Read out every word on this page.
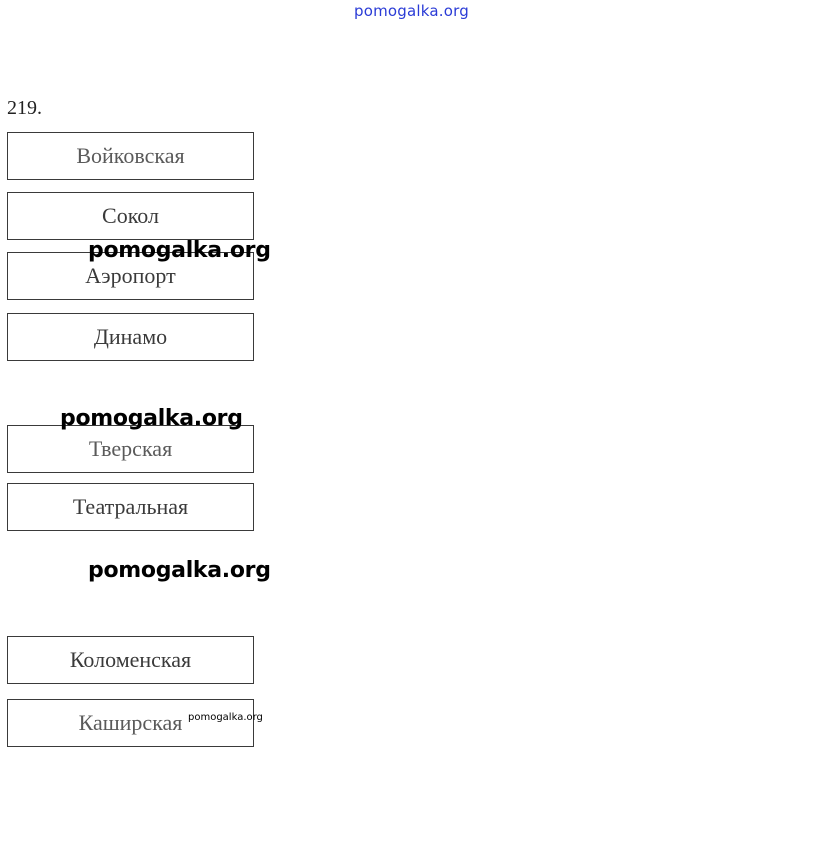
pomogalka.org
219.
Войковская
Сокол
Аэропорт
Динамо
Тверская
Театральная
Коломенская
Каширская
pomogalka.org
pomogalka.org
pomogalka.org
pomogalka.org
